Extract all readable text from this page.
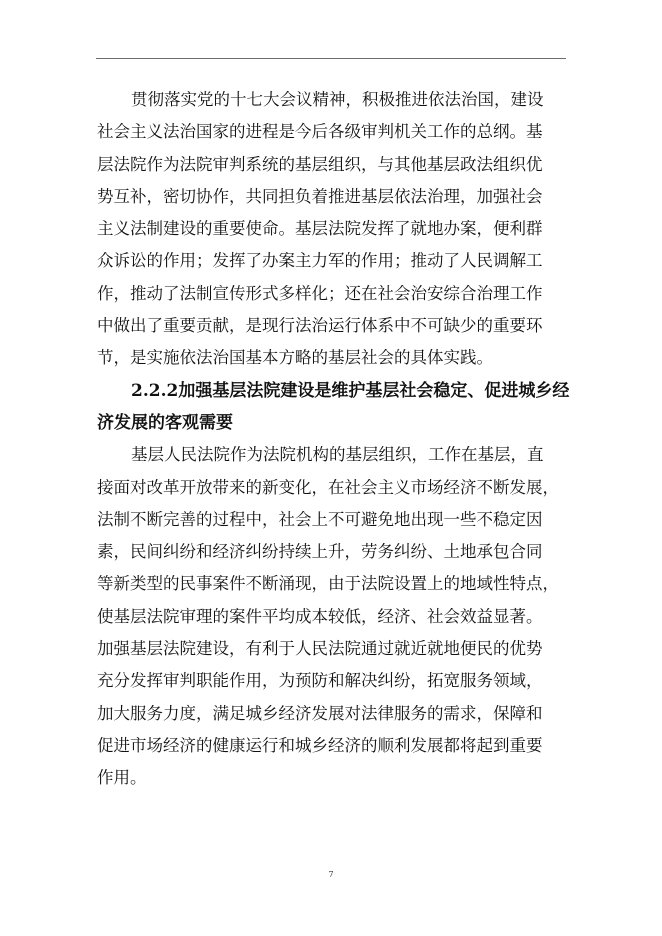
贯彻落实党的十七大会议精神，积极推进依法治国，建设
社会主义法治国家的进程是今后各级审判机关工作的总纲。基
层法院作为法院审判系统的基层组织，与其他基层政法组织优
势互补，密切协作，共同担负着推进基层依法治理，加强社会
主义法制建设的重要使命。基层法院发挥了就地办案，便利群
众诉讼的作用；发挥了办案主力军的作用；推动了人民调解工
作，推动了法制宣传形式多样化；还在社会治安综合治理工作
中做出了重要贡献，是现行法治运行体系中不可缺少的重要环
节，是实施依法治国基本方略的基层社会的具体实践。
2.2.2加强基层法院建设是维护基层社会稳定、促进城乡经
济发展的客观需要
基层人民法院作为法院机构的基层组织，工作在基层，直
接面对改革开放带来的新变化，在社会主义市场经济不断发展，
法制不断完善的过程中，社会上不可避免地出现一些不稳定因
素，民间纠纷和经济纠纷持续上升，劳务纠纷、土地承包合同
等新类型的民事案件不断涌现，由于法院设置上的地域性特点，
使基层法院审理的案件平均成本较低，经济、社会效益显著。
加强基层法院建设，有利于人民法院通过就近就地便民的优势
充分发挥审判职能作用，为预防和解决纠纷，拓宽服务领域，
加大服务力度，满足城乡经济发展对法律服务的需求，保障和
促进市场经济的健康运行和城乡经济的顺利发展都将起到重要
作用。
7
